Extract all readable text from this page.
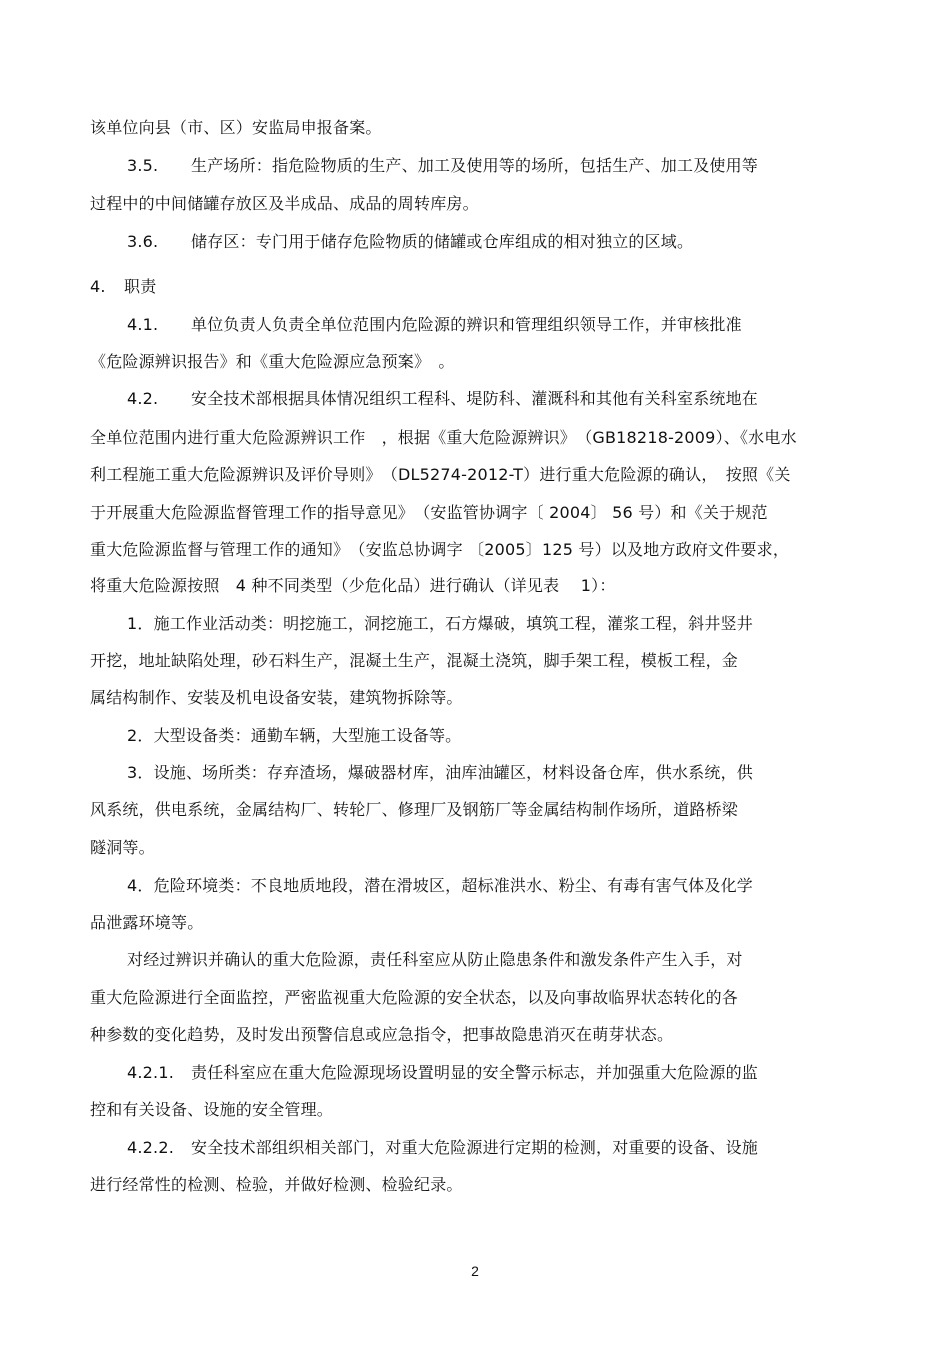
该单位向县（市、区）安监局申报备案。
3.5. 生产场所：指危险物质的生产、加工及使用等的场所，包括生产、加工及使用等
过程中的中间储罐存放区及半成品、成品的周转库房。
3.6. 储存区：专门用于储存危险物质的储罐或仓库组成的相对独立的区域。
4. 职责
4.1. 单位负责人负责全单位范围内危险源的辨识和管理组织领导工作，并审核批准
《危险源辨识报告》和《重大危险源应急预案》　。
4.2. 安全技术部根据具体情况组织工程科、堤防科、灌溉科和其他有关科室系统地在
全单位范围内进行重大危险源辨识工作　，根据《重大危险源辨识》　（GB18218-2009）、《水电水
利工程施工重大危险源辨识及评价导则》　（DL5274-2012-T）进行重大危险源的确认，　按照《关
于开展重大危险源监督管理工作的指导意见》　（安监管协调字〔 2004〕 56 号）和《关于规范
重大危险源监督与管理工作的通知》　（安监总协调字 〔2005〕125 号）以及地方政府文件要求，
将重大危险源按照　4 种不同类型（少危化品）进行确认（详见表　 1）：
1．施工作业活动类：明挖施工，洞挖施工，石方爆破，填筑工程，灌浆工程，斜井竖井
开挖，地址缺陷处理，砂石料生产，混凝土生产，混凝土浇筑，脚手架工程，模板工程，金
属结构制作、安装及机电设备安装，建筑物拆除等。
2．大型设备类：通勤车辆，大型施工设备等。
3．设施、场所类：存弃渣场，爆破器材库，油库油罐区，材料设备仓库，供水系统，供
风系统，供电系统，金属结构厂、转轮厂、修理厂及钢筋厂等金属结构制作场所，道路桥梁
隧洞等。
4．危险环境类：不良地质地段，潜在滑坡区，超标准洪水、粉尘、有毒有害气体及化学
品泄露环境等。
对经过辨识并确认的重大危险源，责任科室应从防止隐患条件和激发条件产生入手，对
重大危险源进行全面监控，严密监视重大危险源的安全状态，以及向事故临界状态转化的各
种参数的变化趋势，及时发出预警信息或应急指令，把事故隐患消灭在萌芽状态。
4.2.1. 责任科室应在重大危险源现场设置明显的安全警示标志，并加强重大危险源的监
控和有关设备、设施的安全管理。
4.2.2. 安全技术部组织相关部门，对重大危险源进行定期的检测，对重要的设备、设施
进行经常性的检测、检验，并做好检测、检验纪录。
2
